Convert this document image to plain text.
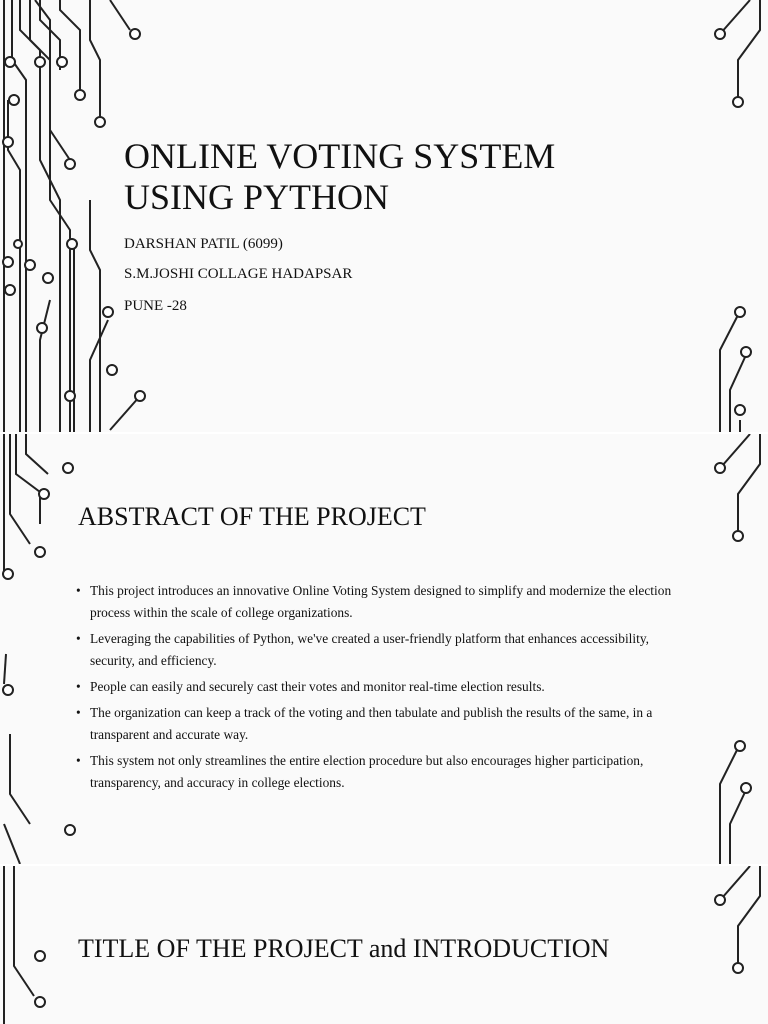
ONLINE VOTING SYSTEM
USING PYTHON

DARSHAN PATIL (6099)

S.M.JOSHI COLLAGE HADAPSAR

PUNE -28

ABSTRACT OF THE PROJECT
• This project introduces an innovative Online Voting System designed to simplify and modernize the election process within the scale of college organizations.
• Leveraging the capabilities of Python, we've created a user-friendly platform that enhances accessibility, security, and efficiency.
• People can easily and securely cast their votes and monitor real-time election results.
• The organization can keep a track of the voting and then tabulate and publish the results of the same, in a transparent and accurate way.
• This system not only streamlines the entire election procedure but also encourages higher participation, transparency, and accuracy in college elections.
TITLE OF THE PROJECT and INTRODUCTION
